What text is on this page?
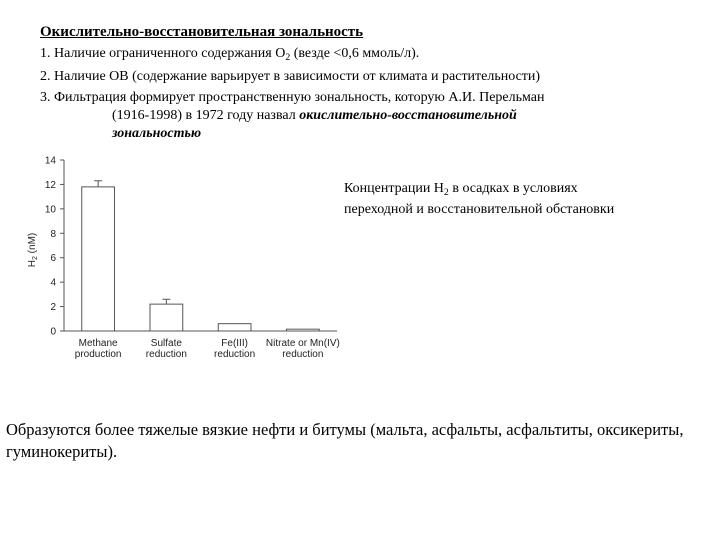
Окислительно-восстановительная зональность
1. Наличие ограниченного содержания $О_2$ (везде <0,6 ммоль/л).
2. Наличие ОВ (содержание варьирует в зависимости от климата и растительности)
3. Фильтрация формирует пространственную зональность, которую А.И. Перельман
(1916-1998) в 1972 году назвал окислительно-восстановительной
зональностью
0
2
4
6
8
10
12
14
Methane
production
Sulfate
reduction
Fe(III)
reduction
Nitrate or Mn(IV)
reduction
$H_2$ (nM)
Концентрации $Н_2$ в осадках в условиях
переходной и восстановительной обстановки
Образуются более тяжелые вязкие нефти и битумы (мальта, асфальты, асфальтиты, оксикериты, гуминокериты).
